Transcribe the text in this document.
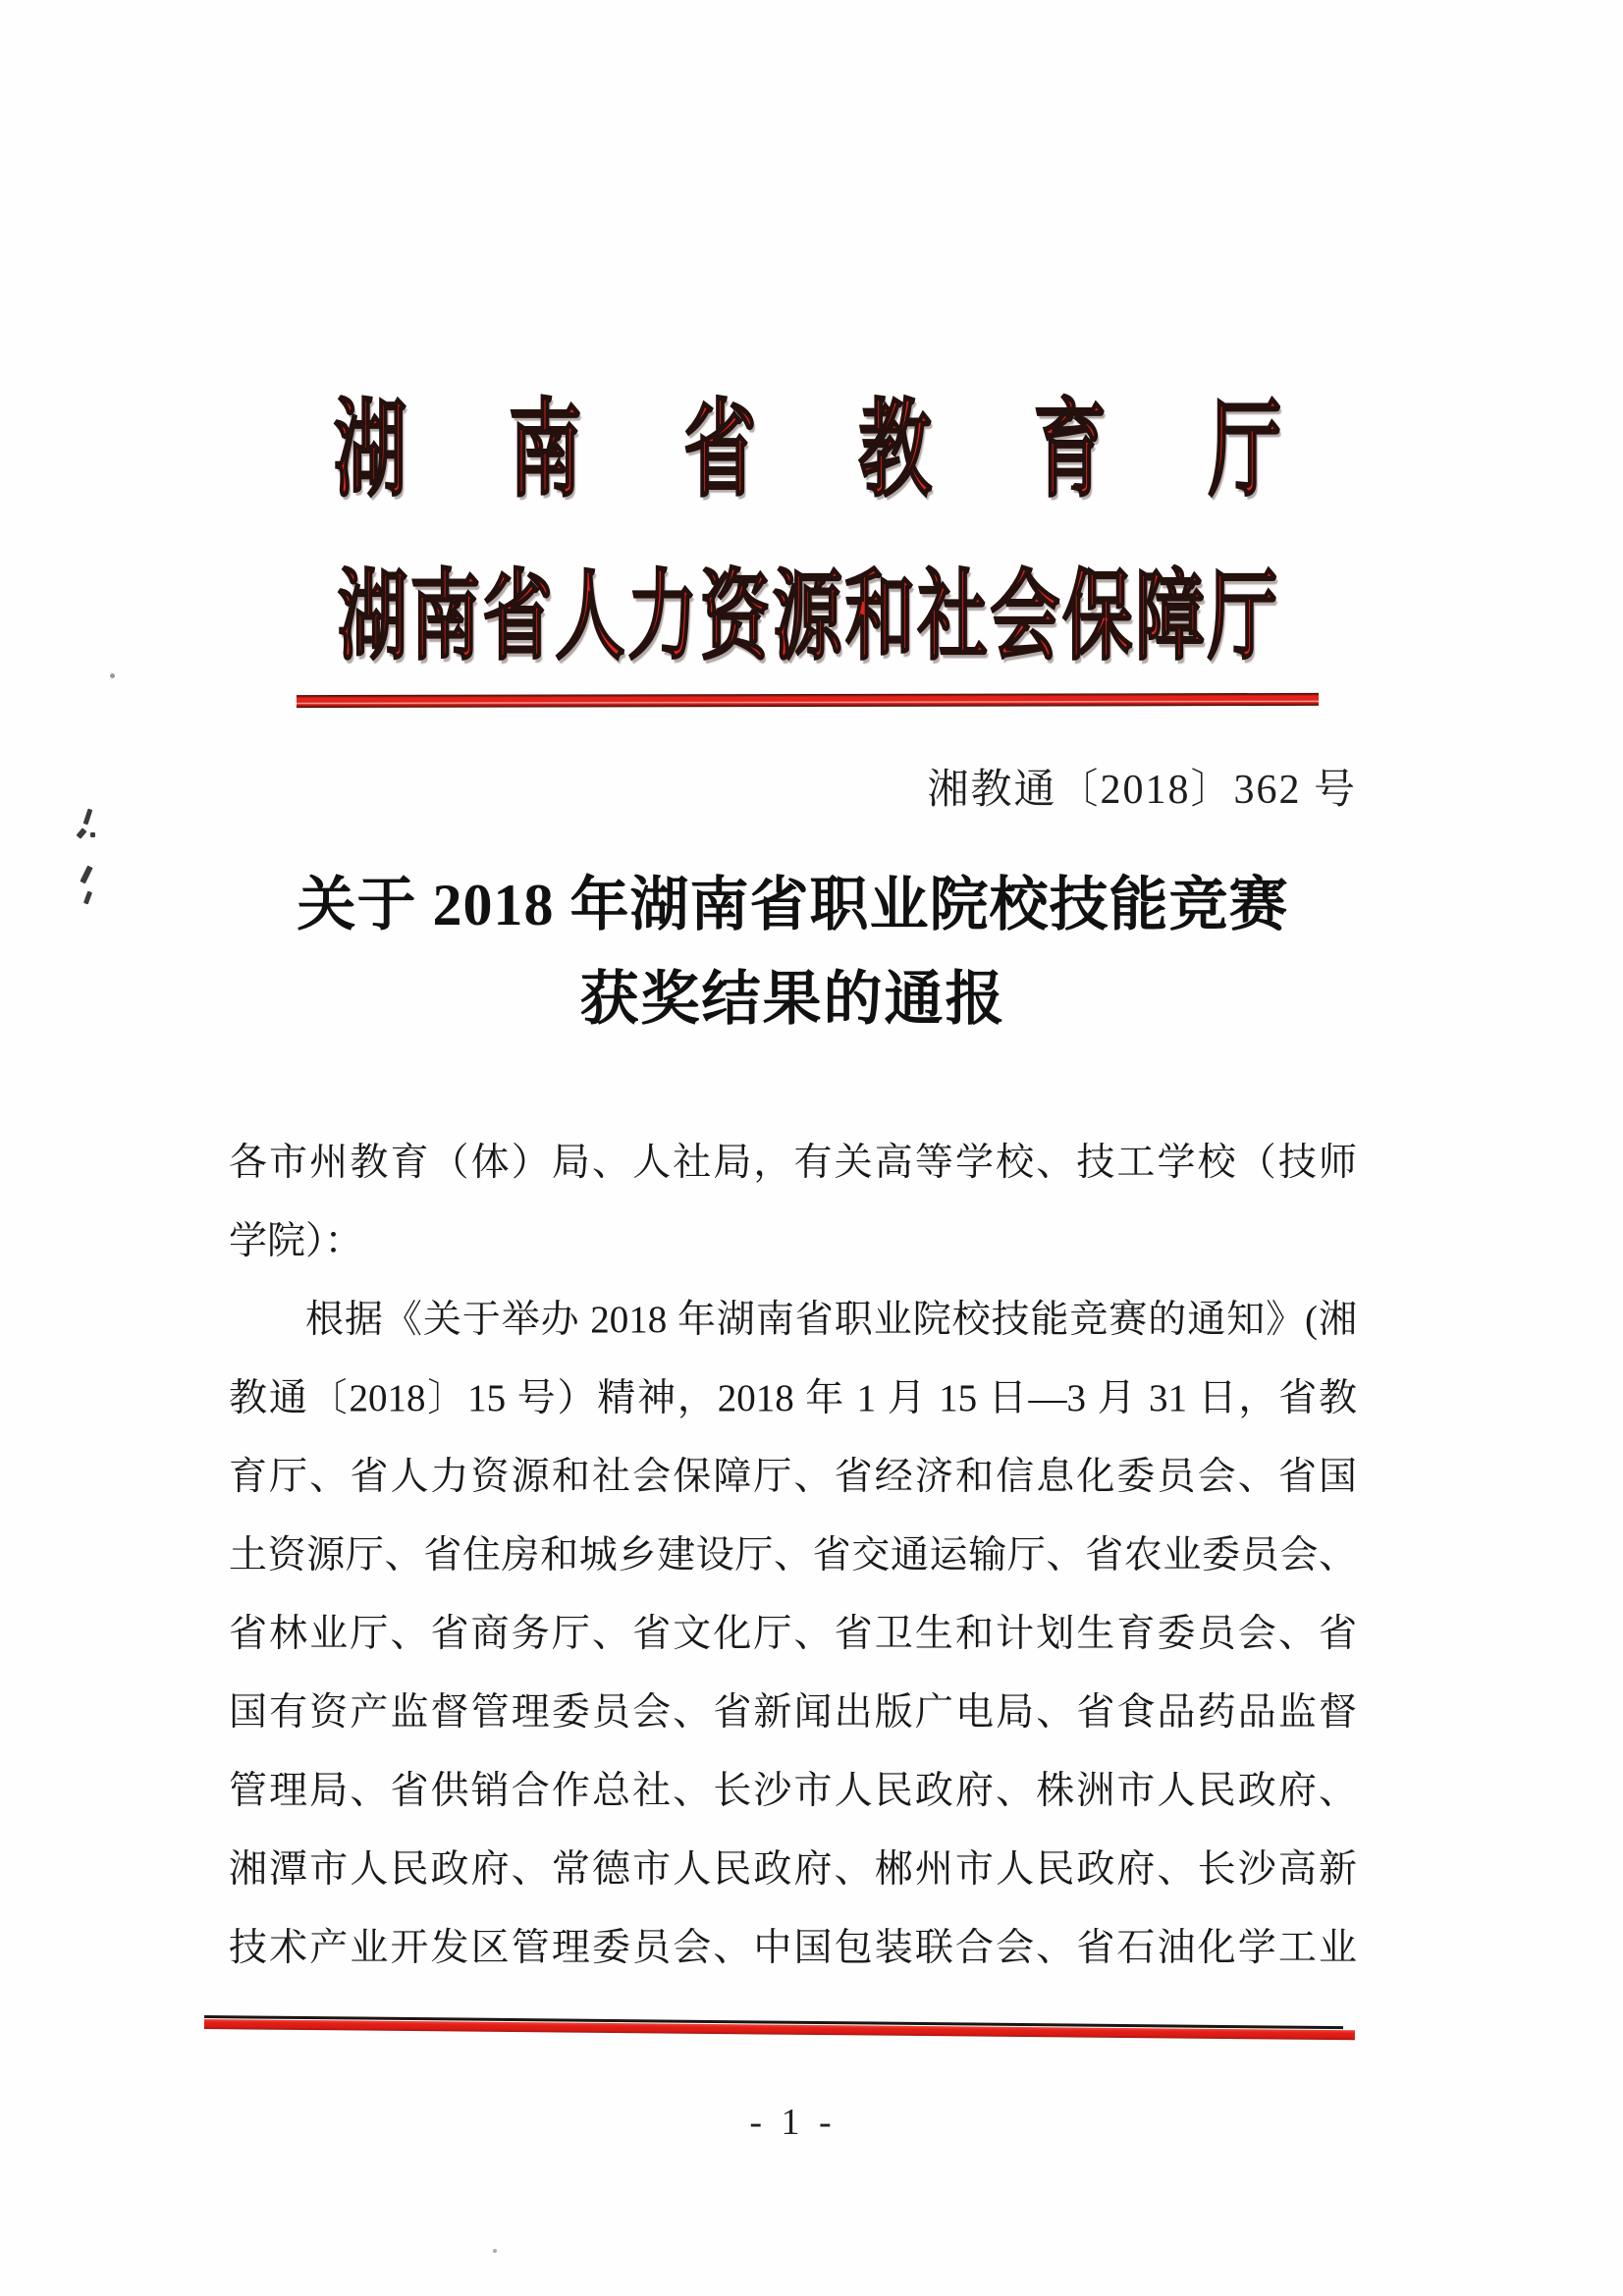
湖 南 省 教 育 厅
湖 南 省 人 力 资 源 和 社 会 保 障 厅
湘教通〔2018〕362 号
关于 2018 年湖南省职业院校技能竞赛
获奖结果的通报
各市州教育（体）局、人社局，有关高等学校、技工学校（技师
学院）：
根据《关于举办 2018 年湖南省职业院校技能竞赛的通知》(湘
教通〔2018〕15 号）精神，2018 年 1 月 15 日—3 月 31 日，省教
育厅、省人力资源和社会保障厅、省经济和信息化委员会、省国
土资源厅、省住房和城乡建设厅、省交通运输厅、省农业委员会、
省林业厅、省商务厅、省文化厅、省卫生和计划生育委员会、省
国有资产监督管理委员会、省新闻出版广电局、省食品药品监督
管理局、省供销合作总社、长沙市人民政府、株洲市人民政府、
湘潭市人民政府、常德市人民政府、郴州市人民政府、长沙高新
技术产业开发区管理委员会、中国包装联合会、省石油化学工业
- 1 -
